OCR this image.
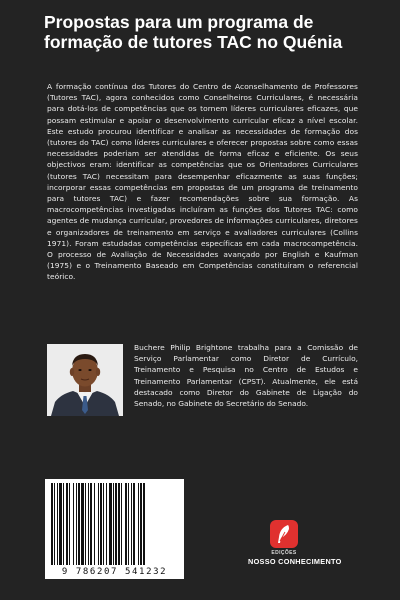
Propostas para um programa de formação de tutores TAC no Quénia
A formação contínua dos Tutores do Centro de Aconselhamento de Professores (Tutores TAC), agora conhecidos como Conselheiros Curriculares, é necessária para dotá-los de competências que os tornem líderes curriculares eficazes, que possam estimular e apoiar o desenvolvimento curricular eficaz a nível escolar. Este estudo procurou identificar e analisar as necessidades de formação dos (tutores do TAC) como líderes curriculares e oferecer propostas sobre como essas necessidades poderiam ser atendidas de forma eficaz e eficiente. Os seus objectivos eram: identificar as competências que os Orientadores Curriculares (tutores TAC) necessitam para desempenhar eficazmente as suas funções; incorporar essas competências em propostas de um programa de treinamento para tutores TAC) e fazer recomendações sobre sua formação. As macrocompetências investigadas incluíram as funções dos Tutores TAC: como agentes de mudança curricular, provedores de informações curriculares, diretores e organizadores de treinamento em serviço e avaliadores curriculares (Collins 1971). Foram estudadas competências específicas em cada macrocompetência. O processo de Avaliação de Necessidades avançado por English e Kaufman (1975) e o Treinamento Baseado em Competências constituíram o referencial teórico.
Buchere Philip Brightone trabalha para a Comissão de Serviço Parlamentar como Diretor de Currículo, Treinamento e Pesquisa no Centro de Estudos e Treinamento Parlamentar (CPST). Atualmente, ele está destacado como Diretor do Gabinete de Ligação do Senado, no Gabinete do Secretário do Senado.
9 786207 541232
EDIÇÕES
NOSSO CONHECIMENTO
